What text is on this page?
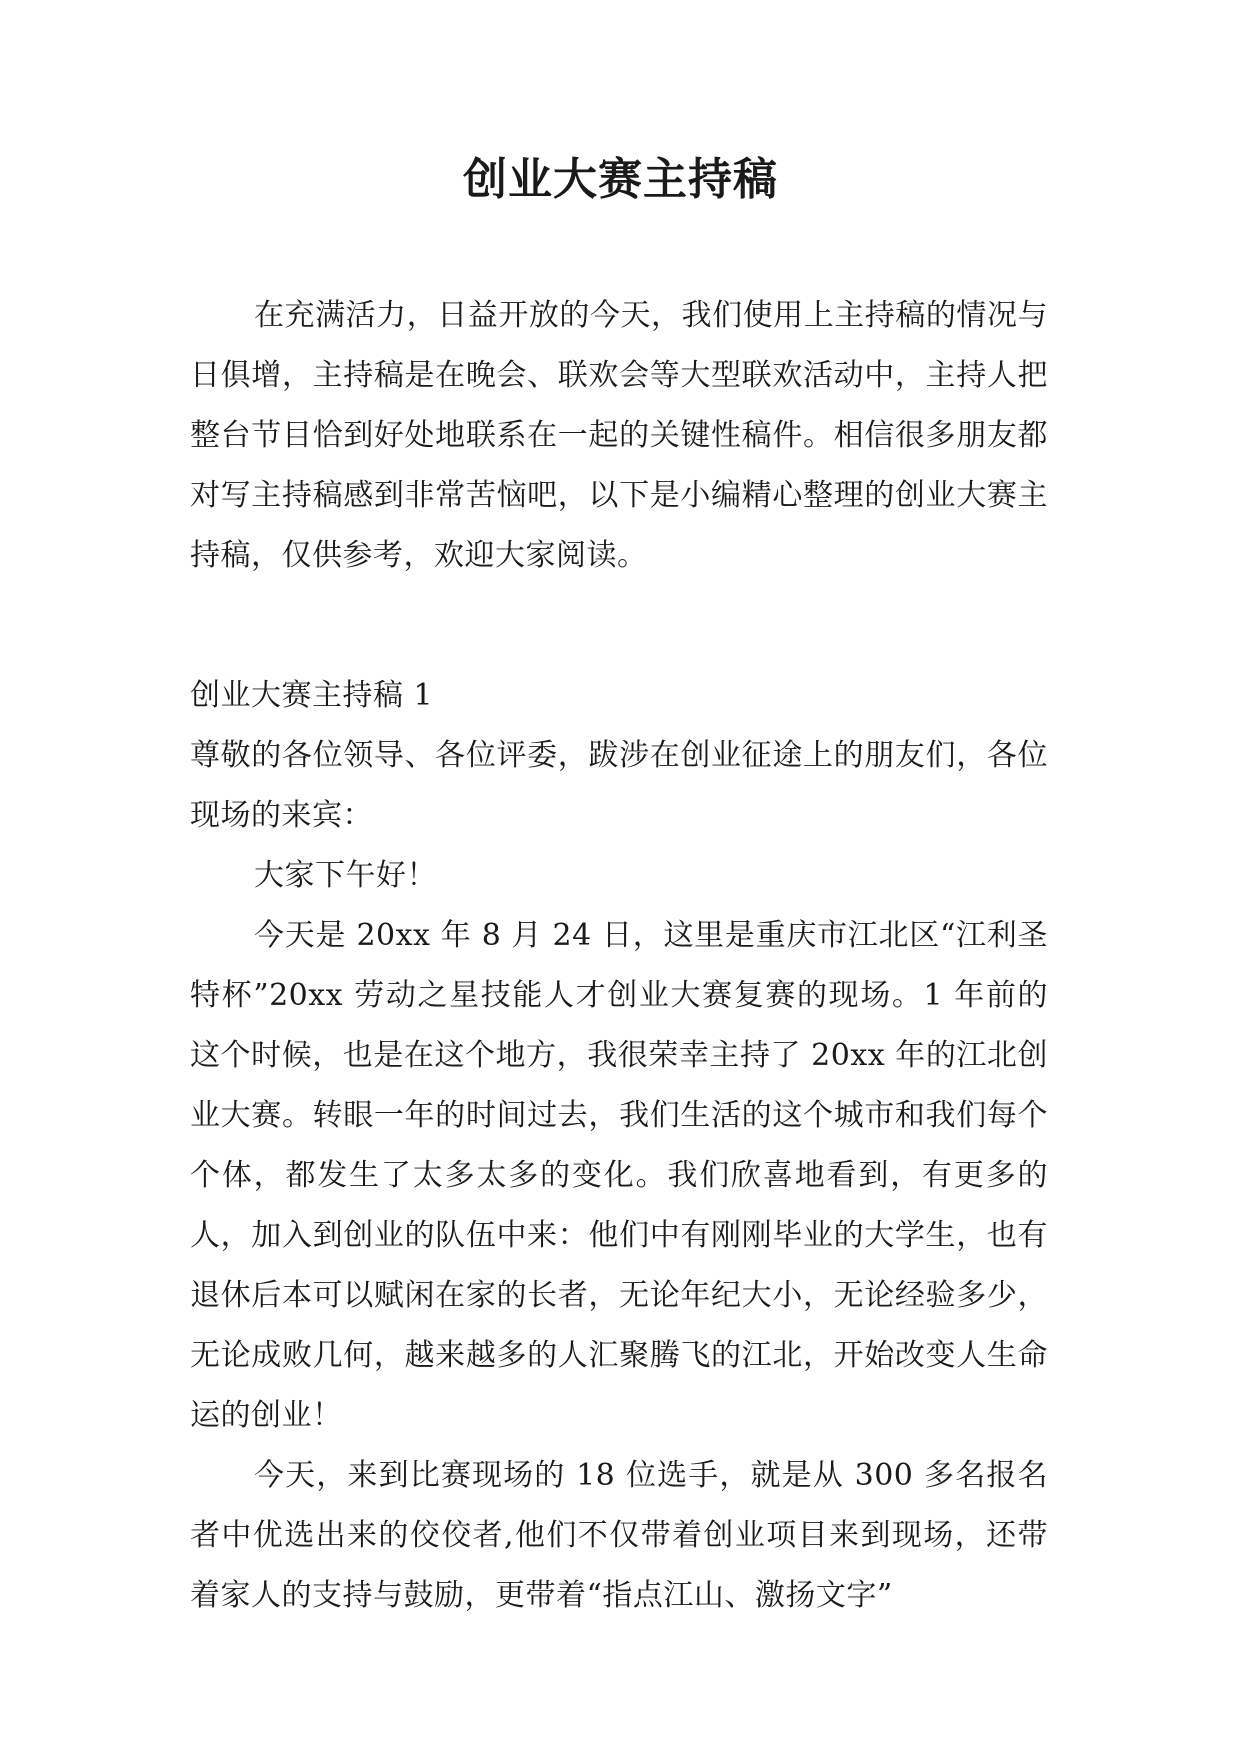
创业大赛主持稿

在充满活力，日益开放的今天，我们使用上主持稿的情况与日俱增，主持稿是在晚会、联欢会等大型联欢活动中，主持人把整台节目恰到好处地联系在一起的关键性稿件。相信很多朋友都对写主持稿感到非常苦恼吧，以下是小编精心整理的创业大赛主持稿，仅供参考，欢迎大家阅读。

创业大赛主持稿 1

尊敬的各位领导、各位评委，跋涉在创业征途上的朋友们，各位现场的来宾：

大家下午好！

今天是 20xx 年 8 月 24 日，这里是重庆市江北区“江利圣特杯”20xx 劳动之星技能人才创业大赛复赛的现场。1 年前的这个时候，也是在这个地方，我很荣幸主持了 20xx 年的江北创业大赛。转眼一年的时间过去，我们生活的这个城市和我们每个个体，都发生了太多太多的变化。我们欣喜地看到，有更多的人，加入到创业的队伍中来：他们中有刚刚毕业的大学生，也有退休后本可以赋闲在家的长者，无论年纪大小，无论经验多少，无论成败几何，越来越多的人汇聚腾飞的江北，开始改变人生命运的创业！

今天，来到比赛现场的 18 位选手，就是从 300 多名报名者中优选出来的佼佼者,他们不仅带着创业项目来到现场，还带着家人的支持与鼓励，更带着“指点江山、激扬文字”
